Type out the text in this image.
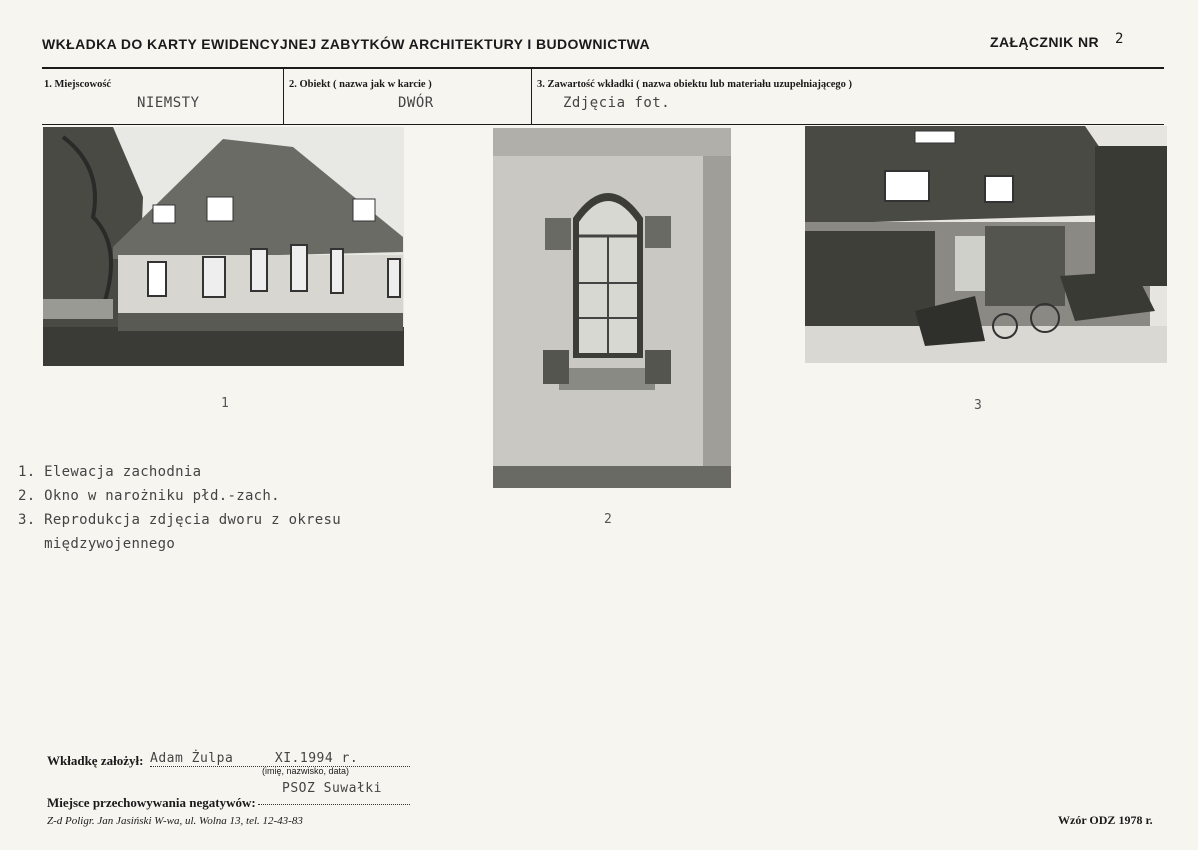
WKŁADKA DO KARTY EWIDENCYJNEJ ZABYTKÓW ARCHITEKTURY I BUDOWNICTWA	ZAŁĄCZNIK NR 2
1. Miejscowość
NIEMSTY
2. Obiekt ( nazwa jak w karcie )
DWÓR
3. Zawartość wkładki ( nazwa obiektu lub materiału uzupełniającego )
Zdjęcia fot.
1
2
3
1. Elewacja zachodnia
2. Okno w narożniku płd.-zach.
3. Reprodukcja zdjęcia dworu z okresu
międzywojennego
Wkładkę założył: Adam Żulpa     XI.1994 r.
(imię, nazwisko, data)
Miejsce przechowywania negatywów:
PSOZ Suwałki
Z-d Poligr. Jan Jasiński W-wa, ul. Wolna 13, tel. 12-43-83	Wzór ODZ 1978 r.
